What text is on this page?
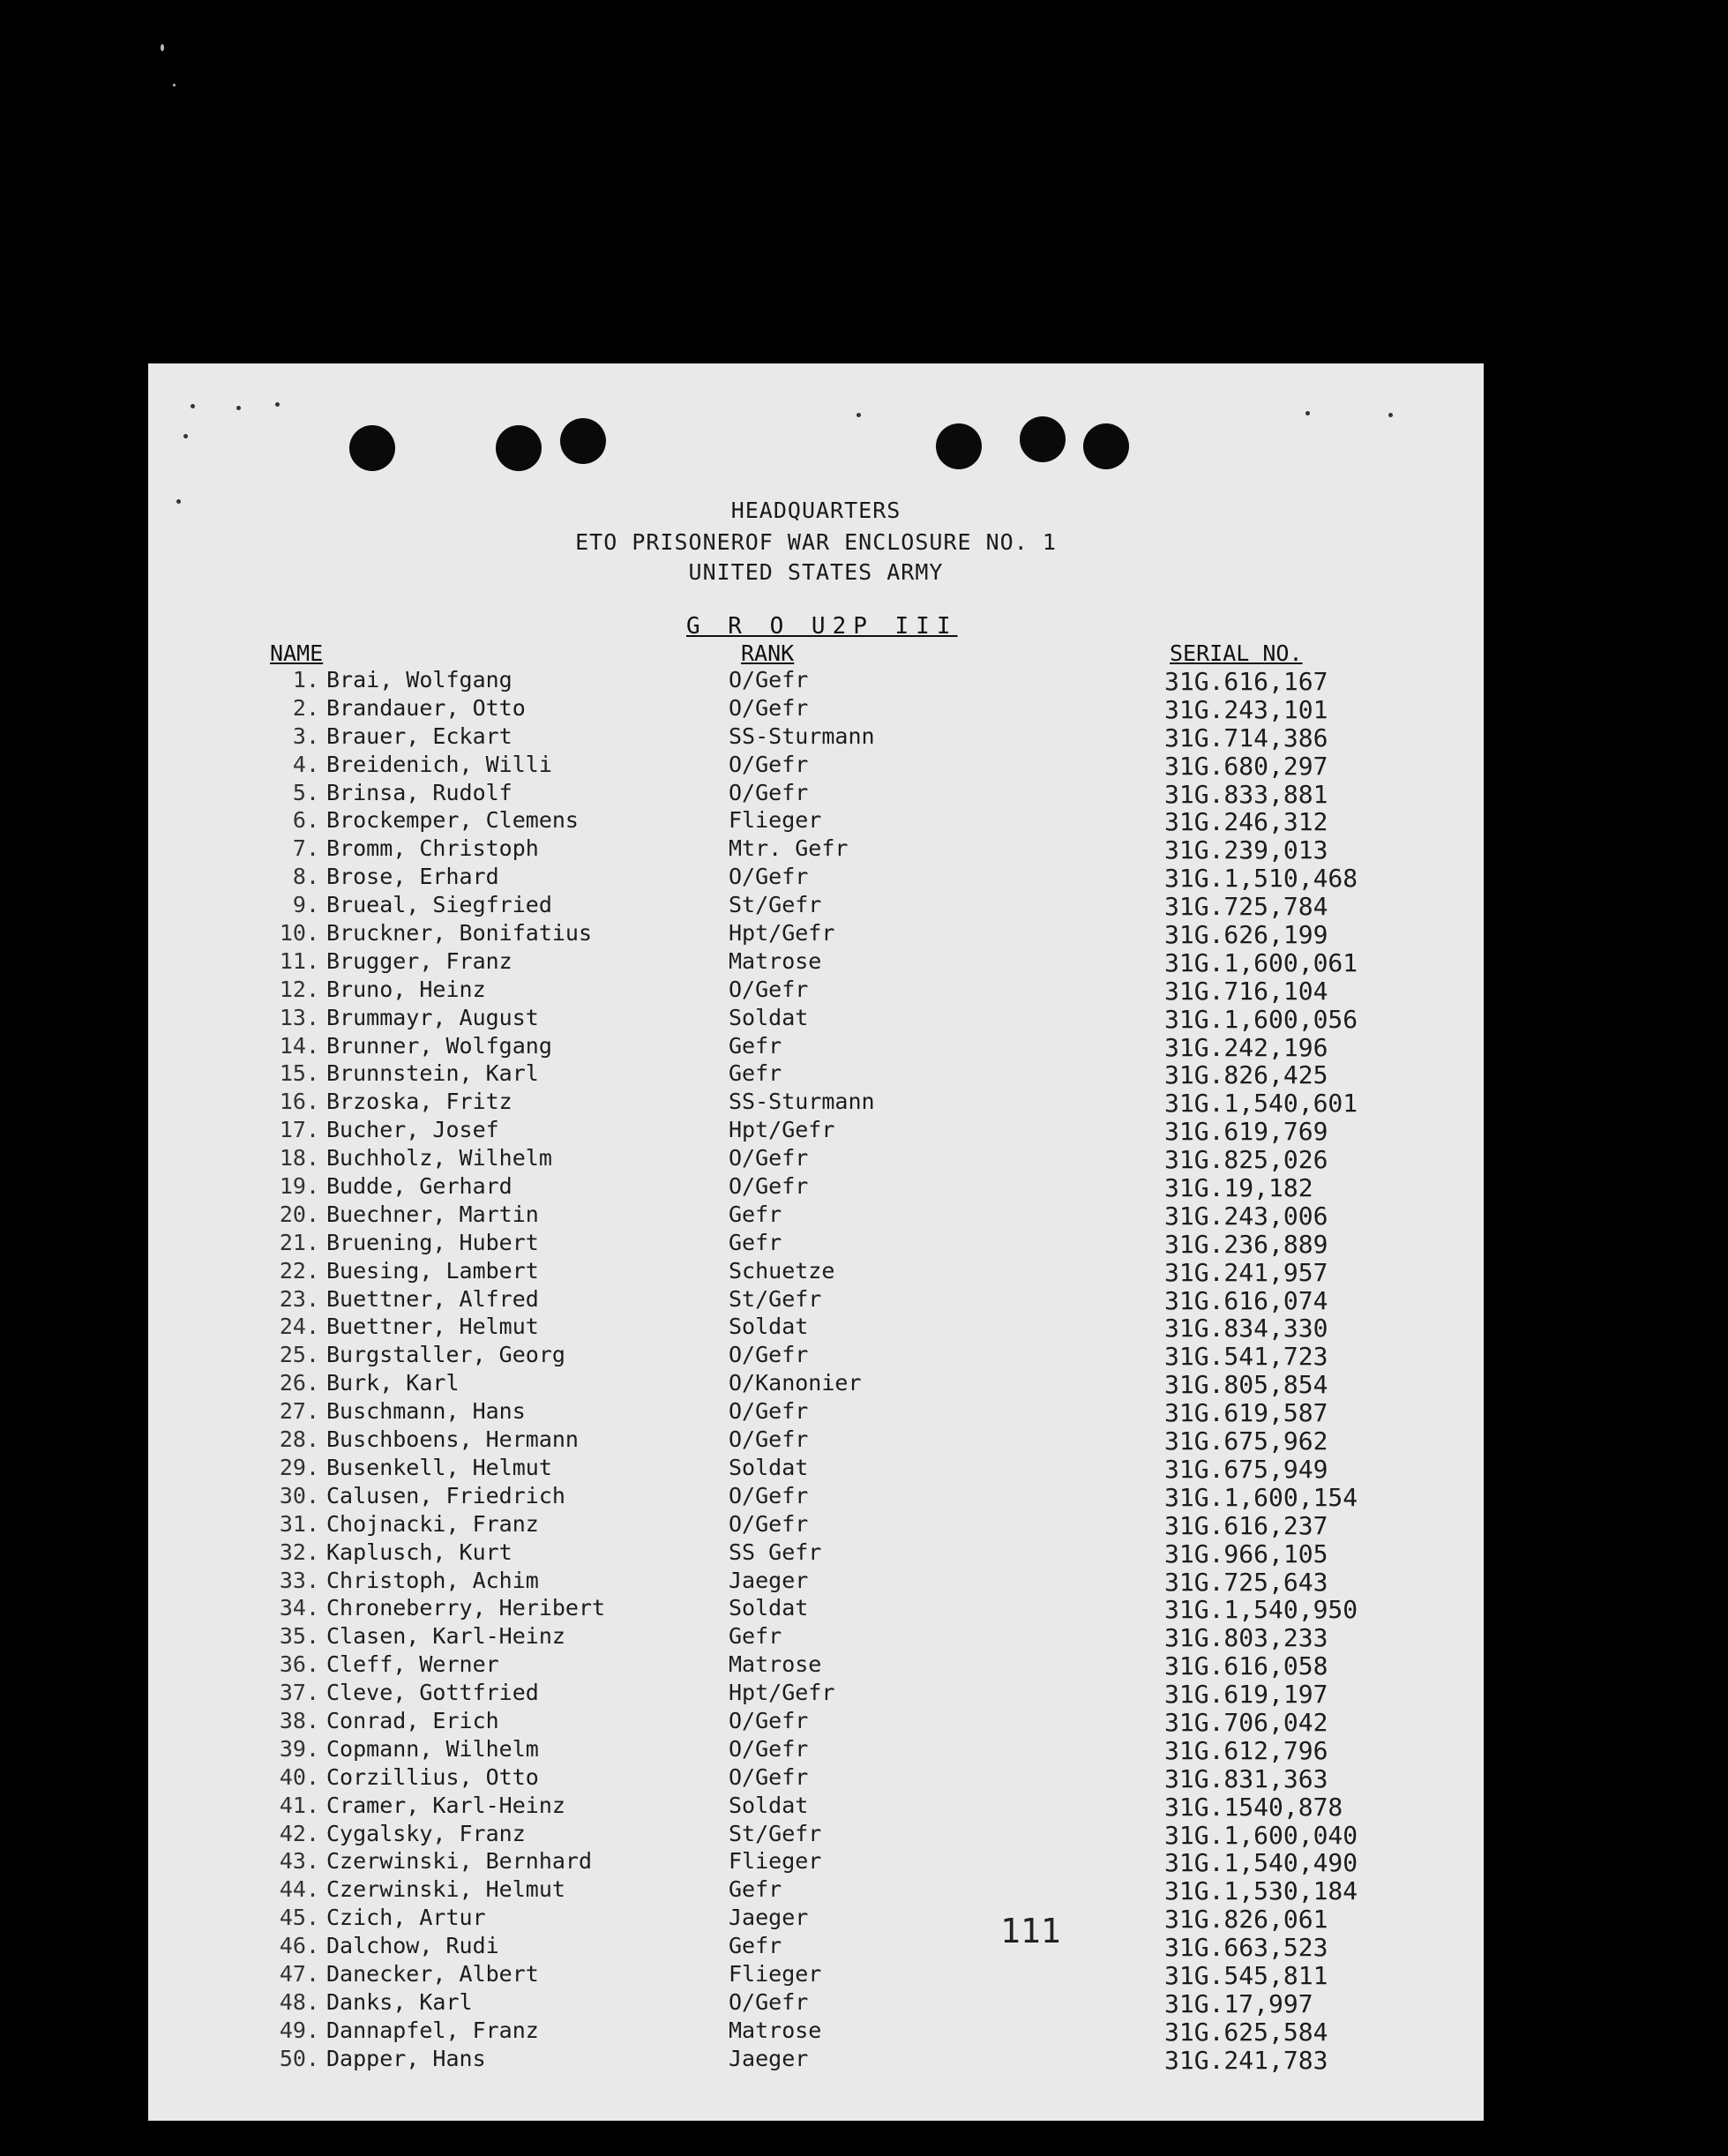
HEADQUARTERS
ETO PRISONEROF WAR ENCLOSURE NO. 1
UNITED STATES ARMY
G R O U2P III
NAME	RANK	SERIAL NO.
1. Brai, Wolfgang	O/Gefr	31G.616,167
2. Brandauer, Otto	O/Gefr	31G.243,101
3. Brauer, Eckart	SS-Sturmann	31G.714,386
4. Breidenich, Willi	O/Gefr	31G.680,297
5. Brinsa, Rudolf	O/Gefr	31G.833,881
6. Brockemper, Clemens	Flieger	31G.246,312
7. Bromm, Christoph	Mtr. Gefr	31G.239,013
8. Brose, Erhard	O/Gefr	31G.1,510,468
9. Brueal, Siegfried	St/Gefr	31G.725,784
10. Bruckner, Bonifatius	Hpt/Gefr	31G.626,199
11. Brugger, Franz	Matrose	31G.1,600,061
12. Bruno, Heinz	O/Gefr	31G.716,104
13. Brummayr, August	Soldat	31G.1,600,056
14. Brunner, Wolfgang	Gefr	31G.242,196
15. Brunnstein, Karl	Gefr	31G.826,425
16. Brzoska, Fritz	SS-Sturmann	31G.1,540,601
17. Bucher, Josef	Hpt/Gefr	31G.619,769
18. Buchholz, Wilhelm	O/Gefr	31G.825,026
19. Budde, Gerhard	O/Gefr	31G.19,182
20. Buechner, Martin	Gefr	31G.243,006
21. Bruening, Hubert	Gefr	31G.236,889
22. Buesing, Lambert	Schuetze	31G.241,957
23. Buettner, Alfred	St/Gefr	31G.616,074
24. Buettner, Helmut	Soldat	31G.834,330
25. Burgstaller, Georg	O/Gefr	31G.541,723
26. Burk, Karl	O/Kanonier	31G.805,854
27. Buschmann, Hans	O/Gefr	31G.619,587
28. Buschboens, Hermann	O/Gefr	31G.675,962
29. Busenkell, Helmut	Soldat	31G.675,949
30. Calusen, Friedrich	O/Gefr	31G.1,600,154
31. Chojnacki, Franz	O/Gefr	31G.616,237
32. Kaplusch, Kurt	SS Gefr	31G.966,105
33. Christoph, Achim	Jaeger	31G.725,643
34. Chroneberry, Heribert	Soldat	31G.1,540,950
35. Clasen, Karl-Heinz	Gefr	31G.803,233
36. Cleff, Werner	Matrose	31G.616,058
37. Cleve, Gottfried	Hpt/Gefr	31G.619,197
38. Conrad, Erich	O/Gefr	31G.706,042
39. Copmann, Wilhelm	O/Gefr	31G.612,796
40. Corzillius, Otto	O/Gefr	31G.831,363
41. Cramer, Karl-Heinz	Soldat	31G.1540,878
42. Cygalsky, Franz	St/Gefr	31G.1,600,040
43. Czerwinski, Bernhard	Flieger	31G.1,540,490
44. Czerwinski, Helmut	Gefr	31G.1,530,184
45. Czich, Artur	Jaeger	31G.826,061
46. Dalchow, Rudi	Gefr	31G.663,523
47. Danecker, Albert	Flieger	31G.545,811
48. Danks, Karl	O/Gefr	31G.17,997
49. Dannapfel, Franz	Matrose	31G.625,584
50. Dapper, Hans	Jaeger	31G.241,783
111
